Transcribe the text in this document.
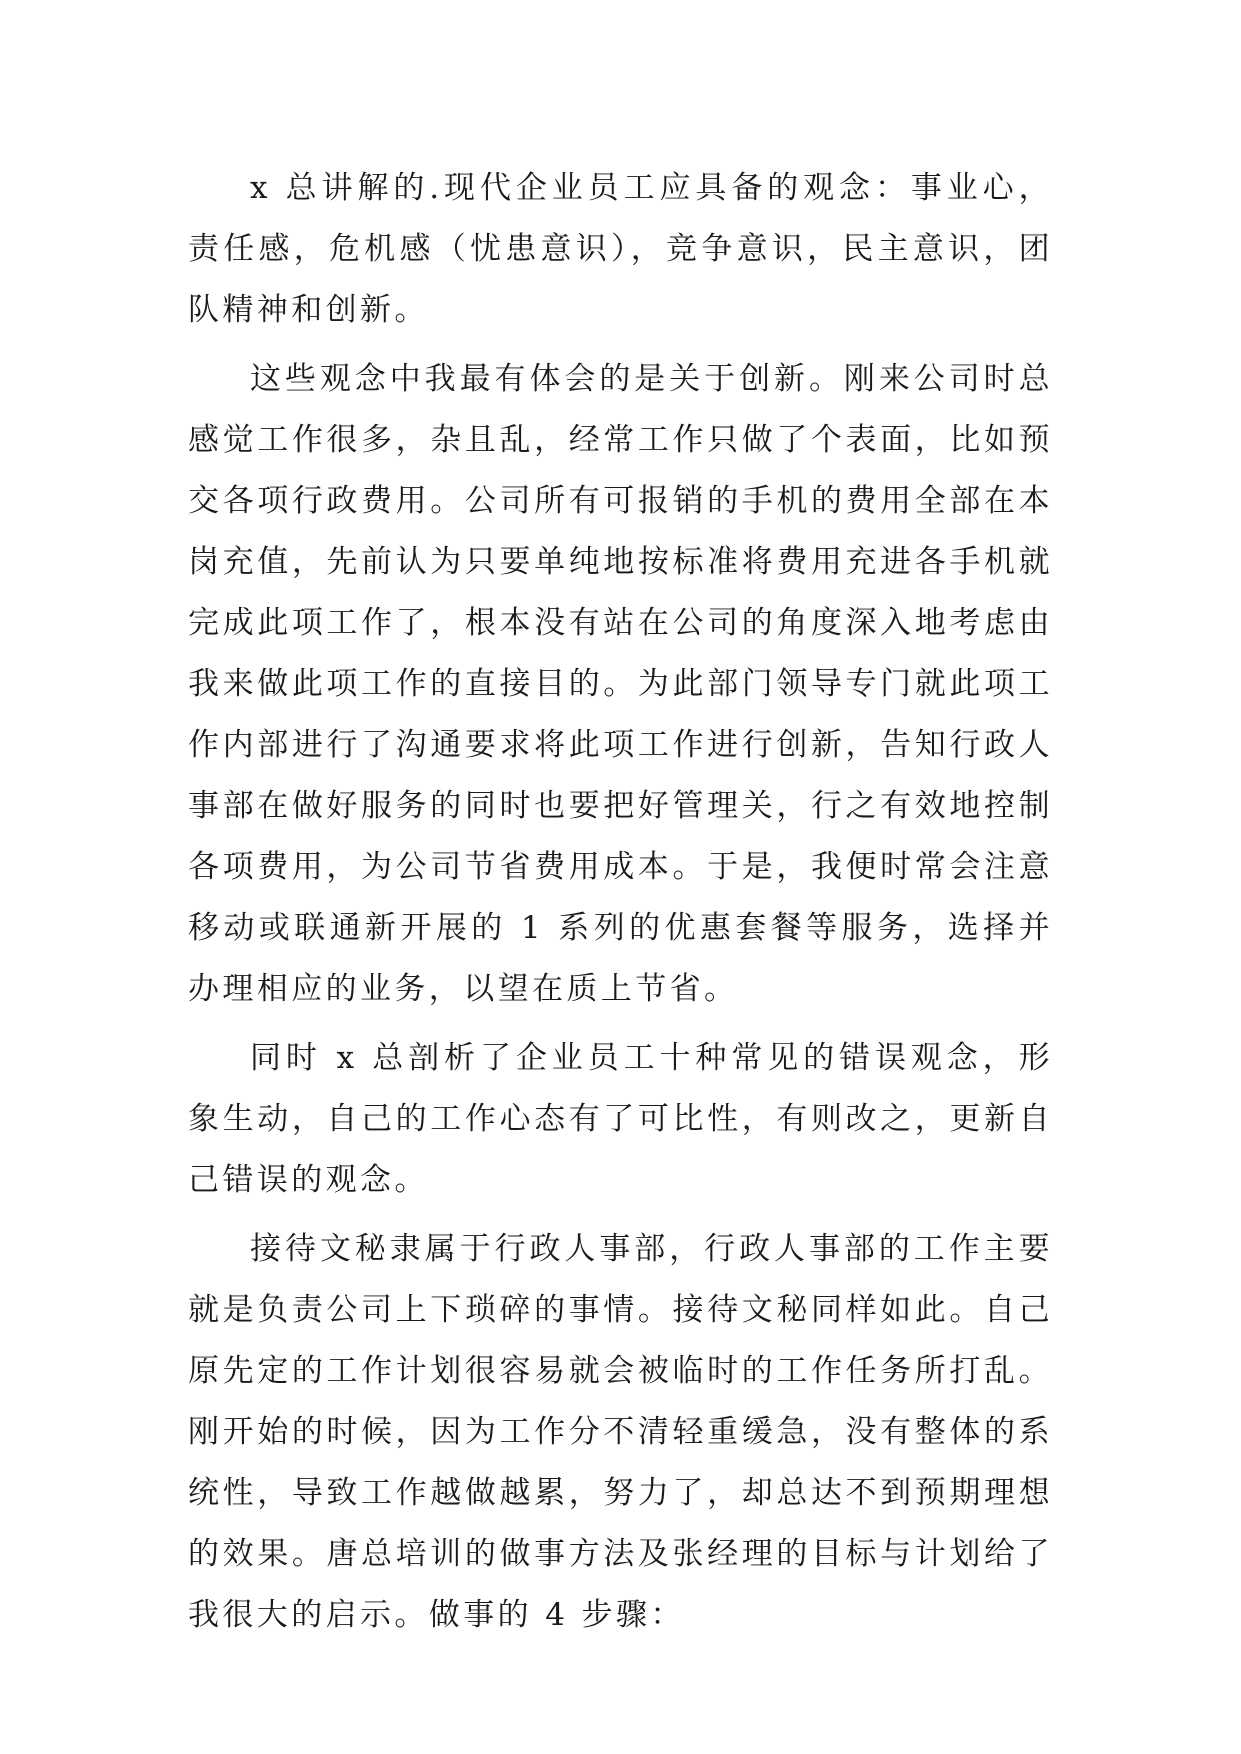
x 总讲解的.现代企业员工应具备的观念：事业心，责任感，危机感（忧患意识），竞争意识，民主意识，团队精神和创新。

这些观念中我最有体会的是关于创新。刚来公司时总感觉工作很多，杂且乱，经常工作只做了个表面，比如预交各项行政费用。公司所有可报销的手机的费用全部在本岗充值，先前认为只要单纯地按标准将费用充进各手机就完成此项工作了，根本没有站在公司的角度深入地考虑由我来做此项工作的直接目的。为此部门领导专门就此项工作内部进行了沟通要求将此项工作进行创新，告知行政人事部在做好服务的同时也要把好管理关，行之有效地控制各项费用，为公司节省费用成本。于是，我便时常会注意移动或联通新开展的 1 系列的优惠套餐等服务，选择并办理相应的业务，以望在质上节省。

同时 x 总剖析了企业员工十种常见的错误观念，形象生动，自己的工作心态有了可比性，有则改之，更新自己错误的观念。

接待文秘隶属于行政人事部，行政人事部的工作主要就是负责公司上下琐碎的事情。接待文秘同样如此。自己原先定的工作计划很容易就会被临时的工作任务所打乱。刚开始的时候，因为工作分不清轻重缓急，没有整体的系统性，导致工作越做越累，努力了，却总达不到预期理想的效果。唐总培训的做事方法及张经理的目标与计划给了我很大的启示。做事的 4 步骤：
